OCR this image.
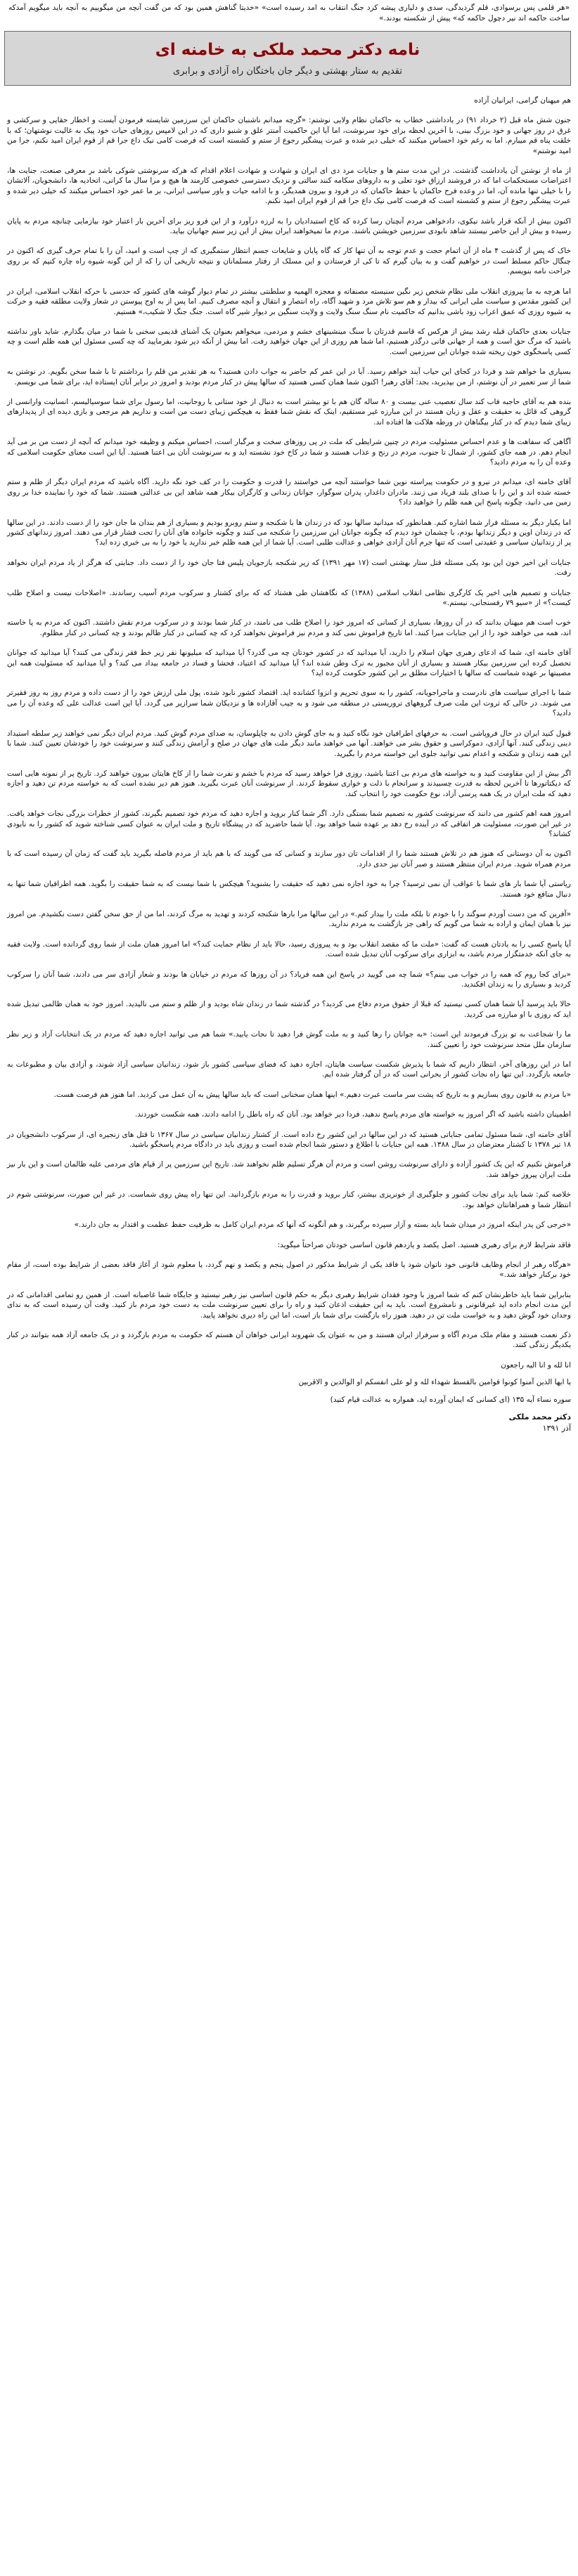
«هر قلمی پس برسوادی، قلم گردیدگی، سدی و دلیاری پیشه کرد جنگ انتقاب به امد رسیده است» «خدیتا گناهش همین بود که من گفت آنچه من میگوییم به آنچه باید میگویم آمدکه ساخت حاکمه اند نیر دچول حاکمه که» پیش از شکسته بودند.»

نامه دکتر محمد ملکی به خامنه ای

تقدیم به ستار بهشتی و دیگر جان باختگان راه آزادی و برابری

هم میهنان گرامی، ایرانیان آزاده

جنون شش ماه قبل (۲ خرداد ۹۱) در یادداشتی خطاب به حاکمان نظام ولایی نوشتم: «گرچه میدانم ناشنبان حاکمان این سرزمین شایسته فرمودن آیست و اخطار حقایی و سرکشی و غرق در روز جهانی و خود بزرگ بینی، با آخرین لحظه برای خود سرنوشت، اما آیا این حاکمیت آمنتر علق و شنبو داری که در این لامپس روزهای حیات خود پیک به غالیت نوشتهان؛ که با خلقت پناه قم میبارم. اما به رغم خود احساس میکنند که خیلی دیر شده و عبرت پیشگیر رجوع از ستم و کشسته است که فرصت کامی نیک داع جرا قم از قوم ایران امید نکنم، جرا من امید نوشتم»

از ماه از نوشتن آن یادداشت گذشتت. در این مدت ستم ها و جنایات مرد دی ای ایران و شهادت و شهادت اعلام اقدام که هرکه سرنوشتی شوکی باشد بر معرفی صنعت، جنایت ها، اعتراضات مستحکمات اما که در فروشند ارزاق خود تعلی و به داروهای سکامه کنند سالتی و نزدیک دسترسی خصوصی کارمند ها هیچ و مرا سال ما کرانی، اتحادیه ها، دانشجویان، آلاتشان را با خیلی تنها مانده آن، اما در وعده فرح حاکمان با حفظ حاکمان که در فرود و بیرون همدیگر، و با ادامه حیات و باور سیاسی ایرانی، بر ما عمر خود احساس میکنند که خیلی دیر شده و عبرت پیشگیر رجوع از ستم و کشسته است که فرصت کامی نیک داع جرا قم از قوم ایران امید نکنم.

اکنون بیش از آنکه قرار باشد نیکوی، دادخواهی مردم آنچنان رسا کرده که کاخ استبدادیان را به لرزه درآورد و از این فرو ریز برای آخرین بار اعتبار خود بیازمایی چنانچه مردم به پایان رسیده و بیش از این حاضر نیستند شاهد نابودی سرزمین خویشتن باشند. مردم ما تمیخواهند ایران بیش از این زیر ستم جهانیان بیاید.

خاک که پس از گذشت ۴ ماه از آن اتمام حجت و عدم توجه به آن تنها کار که گاه پایان و شایعات جسم انتظار ستمگیری که از چپ است و امید، آن را با تمام حرف گیری که اکنون در چنگال حاکم مسلط است در خواهیم گفت و به بیان گیرم که تا کی از فرستادن و این مسلک از رفتار مسلمانان و نتیجه تاریخی آن را که از این گونه شیوه راه چاره کنیم که بر روی جراحت نامه بنویسم.

اما هرچه به ما پیروزی انقلاب ملی نظام شخص زیر نگین سنیسته مصنفاته و معجزه الهمیه و سلطنتی بیشتر در تمام دیوار گوشه های کشور که حدسی با حرکه انقلاب اسلامی، ایران در این کشور مقدس و سیاست ملی ایرانی که بیدار و هم سو تلاش مرد و شهید آگاه، راه انتصار و انتقال و آنچه مصرف کنیم. اما پس از به اوج پیوستن در شعار ولایت مطلقه فقیه و حرکت به شیوه روزی که عمق اعراب زود باشی بدانیم که حاکمیت نام سنگ سنگ ولایت و ولایت سنگین بر دیوار شیر گاه است. جنگ جنگ لا شکیب،» هستیم.

جنایات بعدی حاکمان قبله رشد بیش از هرکس که قاسم قدرتان با سنگ مینشینهای خشم و مردمی، میخواهم بعنوان یک آشنای قدیمی سخنی با شما در میان بگذارم. شاید باور نداشته باشید که مرگ حق است و همه از جهانی فانی درگذر هستیم، اما شما هم روزی از این جهان خواهید رفت. اما بیش از آنکه دیر شود بفرمایید که چه کسی مسئول این همه ظلم است و چه کسی پاسخگوی خون ریخته شده جوانان این سرزمین است.

بسیاری ما خواهم شد و فردا در کجای این حیاب آیند خواهم رسید. آیا در این عمر کم حاضر به جواب دادن هستید؟ به هر تقدیر من قلم را برداشتم تا با شما سخن بگویم. در نوشتن به شما از سر تعمیر در آن نوشتم، از من بپذیرید، بجد: آقای رهبر! اکنون شما همان کسی هستید که سالها پیش در کنار مردم بودید و امروز در برابر آنان ایستاده اید، برای شما می نویسم.

بنده هم به آقای حاجبه فاب کند سال تعصیب عنی بیست و ۸۰ ساله گان هم با تو بیشتر است به دنبال از خود ستانی با روحانیت، اما رسول برای شما سوسیالیسم، انسانیت وارانسی از گروهی که قائل به حقیقت و عقل و زبان هستند در این مبارزه غیر مستقیم، اینک که نقش شما فقط به هیچکس زیبای دست من است و نداریم هم مرجعی و بازی دیده ای از پدیدارهای زیبای شما دیدم که در کنار بیگناهان در ورطه هلاکت ها افتاده اند.

آگاهی که سفاهت ها و عدم احساس مسئولیت مردم در چنین شرایطی که ملت در پی روزهای سخت و مرگبار است، احساس میکنم و وظیفه خود میدانم که آنچه از دست من بر می آید انجام دهم. در همه جای کشور، از شمال تا جنوب، مردم در رنج و عذاب هستند و شما در کاخ خود نشسته اید و به سرنوشت آنان بی اعتنا هستید. آیا این است معنای حکومت اسلامی که وعده آن را به مردم دادید؟

آقای خامنه ای، میدانم در نیرو و در حکومت پیراسته نوین شما خواستند آنچه می خواستند را قدرت و حکومت را در کف خود نگه دارید. آگاه باشید که مردم ایران دیگر از ظلم و ستم خسته شده اند و این را با صدای بلند فریاد می زنند. مادران داغدار، پدران سوگوار، جوانان زندانی و کارگران بیکار همه شاهد این بی عدالتی هستند. شما که خود را نماینده خدا بر روی زمین می دانید، چگونه پاسخ این همه ظلم را خواهید داد؟

اما یکبار دیگر به مسئله فرار شما اشاره کنم. همانطور که میدانید سالها بود که در زندان ها با شکنجه و ستم روبرو بودیم و بسیاری از هم بندان ما جان خود را از دست دادند. در این سالها که در زندان اوین و دیگر زندانها بودم، با چشمان خود دیدم که چگونه جوانان این سرزمین را شکنجه می کنند و چگونه خانواده های آنان را تحت فشار قرار می دهند. امروز زندانهای کشور پر از زندانیان سیاسی و عقیدتی است که تنها جرم آنان آزادی خواهی و عدالت طلبی است. آیا شما از این همه ظلم خبر ندارید یا خود را به بی خبری زده اید؟

جنایات این اخیر خون این بود یکی مسئله قتل ستار بهشتی است (۱۷ مهر ۱۳۹۱) که زیر شکنجه بازجویان پلیس فتا جان خود را از دست داد. جنایتی که هرگز از یاد مردم ایران نخواهد رفت.

جنایات و تصمیم هایی اخیر یک کارگری نظامی انقلاب اسلامی (۱۳۸۸) که نگاهشان طی هشتاد که که برای کشتار و سرکوب مردم آسیب رساندند. «اصلاحات نیست و اصلاح طلب کیست؟» از «سیو ۷۹ رفسنجانی، نیستم.»

خوب است هم میهنان بدانند که در آن روزها، بسیاری از کسانی که امروز خود را اصلاح طلب می نامند، در کنار شما بودند و در سرکوب مردم نقش داشتند. اکنون که مردم به پا خاسته اند، همه می خواهند خود را از این جنایات مبرا کنند. اما تاریخ فراموش نمی کند و مردم نیز فراموش نخواهند کرد که چه کسانی در کنار ظالم بودند و چه کسانی در کنار مظلوم.

آقای خامنه ای، شما که ادعای رهبری جهان اسلام را دارید، آیا میدانید که در کشور خودتان چه می گذرد؟ آیا میدانید که میلیونها نفر زیر خط فقر زندگی می کنند؟ آیا میدانید که جوانان تحصیل کرده این سرزمین بیکار هستند و بسیاری از آنان مجبور به ترک وطن شده اند؟ آیا میدانید که اعتیاد، فحشا و فساد در جامعه بیداد می کند؟ و آیا میدانید که مسئولیت همه این مصیبتها بر عهده شماست که سالها با اختیارات مطلق بر این کشور حکومت کرده اید؟

شما با اجرای سیاست های نادرست و ماجراجویانه، کشور را به سوی تحریم و انزوا کشانده اید. اقتصاد کشور نابود شده، پول ملی ارزش خود را از دست داده و مردم روز به روز فقیرتر می شوند. در حالی که ثروت این ملت صرف گروههای تروریستی در منطقه می شود و به جیب آقازاده ها و نزدیکان شما سرازیر می گردد. آیا این است عدالت علی که وعده آن را می دادید؟

قبول کنید ایران در حال فروپاشی است. به حرفهای اطرافیان خود نگاه کنید و به جای گوش دادن به چاپلوسان، به صدای مردم گوش کنید. مردم ایران دیگر نمی خواهند زیر سلطه استبداد دینی زندگی کنند. آنها آزادی، دموکراسی و حقوق بشر می خواهند. آنها می خواهند مانند دیگر ملت های جهان در صلح و آرامش زندگی کنند و سرنوشت خود را خودشان تعیین کنند. شما با این همه زندان و شکنجه و اعدام نمی توانید جلوی این خواسته مردم را بگیرید.

اگر بیش از این مقاومت کنید و به خواسته های مردم بی اعتنا باشید، روزی فرا خواهد رسید که مردم با خشم و نفرت شما را از کاخ هایتان بیرون خواهند کرد. تاریخ پر از نمونه هایی است که دیکتاتورها تا آخرین لحظه به قدرت چسبیدند و سرانجام با ذلت و خواری سقوط کردند. از سرنوشت آنان عبرت بگیرید. هنوز هم دیر نشده است که به خواسته مردم تن دهید و اجازه دهید که ملت ایران در یک همه پرسی آزاد، نوع حکومت خود را انتخاب کند.

امروز همه اهم کشور می دانند که سرنوشت کشور به تصمیم شما بستگی دارد. اگر شما کنار بروید و اجازه دهید که مردم خود تصمیم بگیرند، کشور از خطرات بزرگی نجات خواهد یافت. در غیر این صورت، مسئولیت هر اتفاقی که در آینده رخ دهد بر عهده شما خواهد بود. آیا شما حاضرید که در پیشگاه تاریخ و ملت ایران به عنوان کسی شناخته شوید که کشور را به نابودی کشاند؟

اکنون به آن دوستانی که هنوز هم در تلاش هستند شما را از اقدامات تان دور سازند و کسانی که می گویند که با هم باید از مردم فاصله بگیرید باید گفت که زمان آن رسیده است که با مردم همراه شوید. مردم ایران منتظر هستند و صبر آنان نیز حدی دارد.

ریاستی آیا شما بار های شما با عواقب آن نمی ترسید؟ چرا به خود اجازه نمی دهید که حقیقت را بشنوید؟ هیچکس با شما نیست که به شما حقیقت را بگوید. همه اطرافیان شما تنها به دنبال منافع خود هستند.

«آفرین که من دست آوردم سوگند را با خودم تا بلکه ملت را بیدار کنم.» در این سالها مرا بارها شکنجه کردند و تهدید به مرگ کردند، اما من از حق سخن گفتن دست نکشیدم. من امروز نیز با همان ایمان و اراده به شما می گویم که راهی جز بازگشت به مردم ندارید.

آیا پاسخ کسی را به یادتان هست که گفت: «ملت ما که مقصد انقلاب بود و به پیروزی رسید، حالا باید از نظام حمایت کند؟» اما امروز همان ملت از شما روی گردانده است. ولایت فقیه به جای آنکه خدمتگزار مردم باشد، به ابزاری برای سرکوب آنان تبدیل شده است.

«برای کجا روم که همه را در خواب می بینم؟» شما چه می گویید در پاسخ این همه فریاد؟ در آن روزها که مردم در خیابان ها بودند و شعار آزادی سر می دادند، شما آنان را سرکوب کردید و بسیاری را به زندان افکندید.

حالا باید پرسید آیا شما همان کسی نیستید که قبلا از حقوق مردم دفاع می کردید؟ در گذشته شما در زندان شاه بودید و از ظلم و ستم می نالیدید. امروز خود به همان ظالمی تبدیل شده اید که روزی با او مبارزه می کردید.

ما را شجاعت به تو بزرگ فرمودند این است: «به جوانان را رها کنید و به ملت گوش فرا دهید تا نجات یابید.» شما هم می توانید اجازه دهید که مردم در یک انتخابات آزاد و زیر نظر سازمان ملل متحد سرنوشت خود را تعیین کنند.

اما در این روزهای آخر، انتظار داریم که شما با پذیرش شکست سیاست هایتان، اجازه دهید که فضای سیاسی کشور باز شود، زندانیان سیاسی آزاد شوند، و آزادی بیان و مطبوعات به جامعه بازگردد. این تنها راه نجات کشور از بحرانی است که در آن گرفتار شده ایم.

«با مردم به قانون روی بسازیم و به تاریخ که پشت سر ماست عبرت دهیم.» اینها همان سخنانی است که باید سالها پیش به آن عمل می کردید. اما هنوز هم فرصت هست.

اطمینان داشته باشید که اگر امروز به خواسته های مردم پاسخ ندهید، فردا دیر خواهد بود. آنان که راه باطل را ادامه دادند، همه شکست خوردند.

آقای خامنه ای، شما مسئول تمامی جنایاتی هستید که در این سالها در این کشور رخ داده است. از کشتار زندانیان سیاسی در سال ۱۳۶۷ تا قتل های زنجیره ای، از سرکوب دانشجویان در ۱۸ تیر ۱۳۷۸ تا کشتار معترضان در سال ۱۳۸۸. همه این جنایات با اطلاع و دستور شما انجام شده است و روزی باید در دادگاه مردم پاسخگو باشید.

فراموش نکنیم که این یک کشور آزاده و دارای سرنوشت روشن است و مردم آن هرگز تسلیم ظلم نخواهند شد. تاریخ این سرزمین پر از قیام های مردمی علیه ظالمان است و این بار نیز ملت ایران پیروز خواهد شد.

خلاصه کنم: شما باید برای نجات کشور و جلوگیری از خونریزی بیشتر، کنار بروید و قدرت را به مردم بازگردانید. این تنها راه پیش روی شماست. در غیر این صورت، سرنوشتی شوم در انتظار شما و همراهانتان خواهد بود.

«خرجی کن پدر اینکه امروز در میدان شما باید بسته و آزار سپرده برگیرند، و هم آنگونه که آنها که مردم ایران کامل به ظرفیت حفظ عظمت و اقتدار به جان دارند.»

فاقد شرایط لازم برای رهبری هستید. اصل یکصد و یازدهم قانون اساسی خودتان صراحتاً میگوید:

«هرگاه رهبر از انجام وظایف قانونی خود ناتوان شود یا فاقد یکی از شرایط مذکور در اصول پنجم و یکصد و نهم گردد، یا معلوم شود از آغاز فاقد بعضی از شرایط بوده است، از مقام خود برکنار خواهد شد.»

بنابراین شما باید خاطرنشان کنم که شما امروز با وجود فقدان شرایط رهبری دیگر به حکم قانون اساسی نیز رهبر نیستید و جایگاه شما غاصبانه است. از همین رو تمامی اقداماتی که در این مدت انجام داده اید غیرقانونی و نامشروع است. باید به این حقیقت اذعان کنید و راه را برای تعیین سرنوشت ملت به دست خود مردم باز کنید. وقت آن رسیده است که به ندای وجدان خود گوش دهید و به خواست ملت تن در دهید. هنوز راه بازگشت برای شما باز است، اما این راه دیری نخواهد پایید.

ذکر نعمت هستند و مقام ملک مردم آگاه و سرفراز ایران هستند و من به عنوان یک شهروند ایرانی خواهان آن هستم که حکومت به مردم بازگردد و در یک جامعه آزاد همه بتوانند در کنار یکدیگر زندگی کنند.

انا لله و انا الیه راجعون

یا ایها الذین آمنوا کونوا قوامین بالقسط شهداء لله و لو علی انفسکم او الوالدین و الاقربین

سوره نساء آیه ۱۳۵ (ای کسانی که ایمان آورده اید، همواره به عدالت قیام کنید)

دکتر محمد ملکی
آذر ۱۳۹۱
